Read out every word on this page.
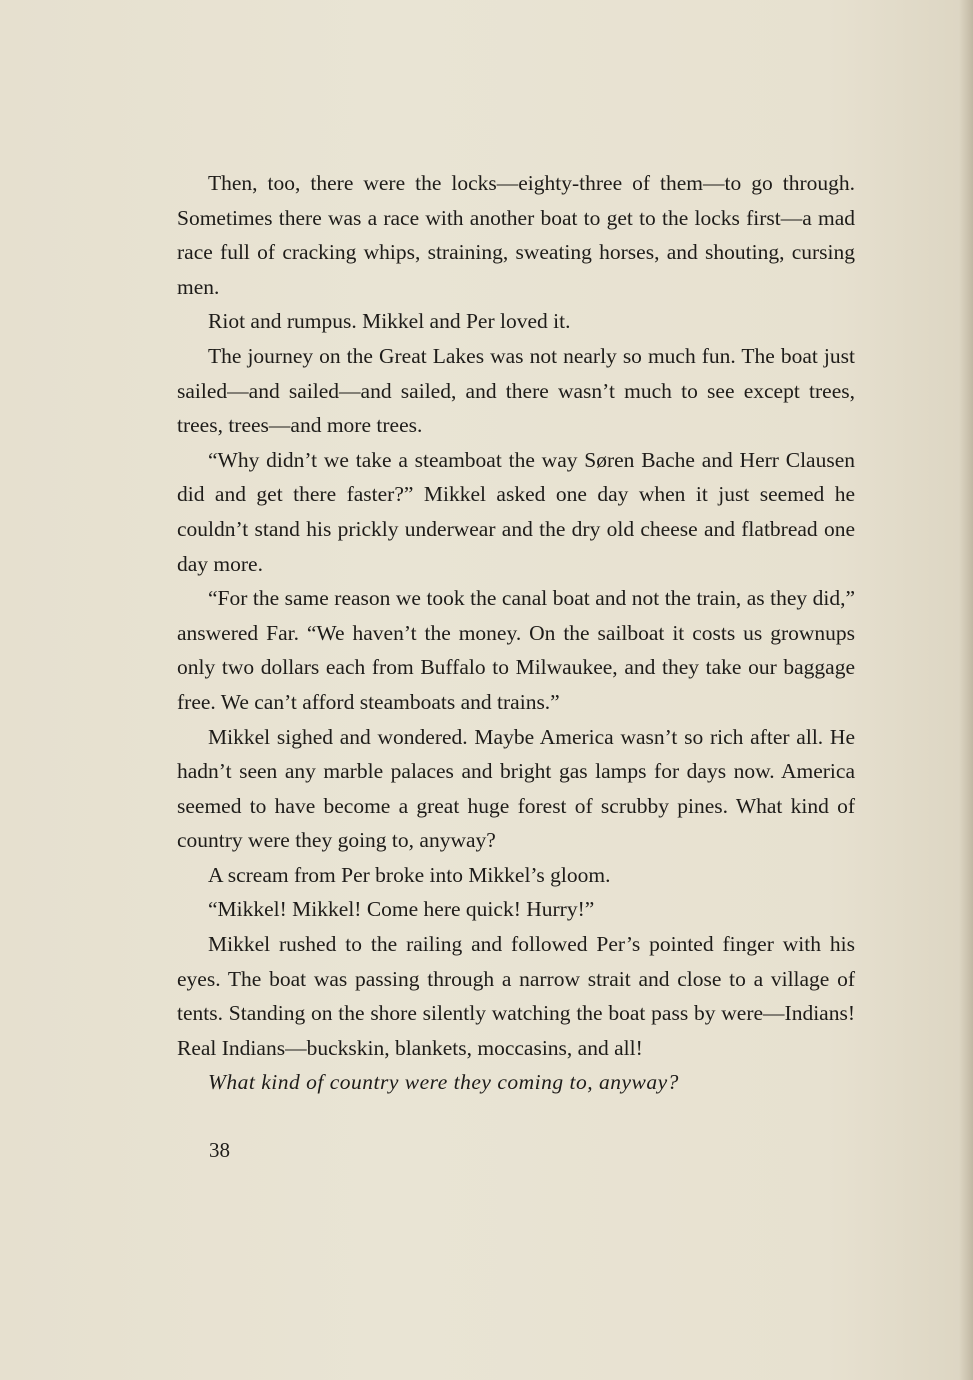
Then, too, there were the locks—eighty-three of them—to go through. Sometimes there was a race with another boat to get to the locks first—a mad race full of cracking whips, straining, sweating horses, and shouting, cursing men.

Riot and rumpus. Mikkel and Per loved it.

The journey on the Great Lakes was not nearly so much fun. The boat just sailed—and sailed—and sailed, and there wasn’t much to see except trees, trees, trees—and more trees.

“Why didn’t we take a steamboat the way Søren Bache and Herr Clausen did and get there faster?” Mikkel asked one day when it just seemed he couldn’t stand his prickly underwear and the dry old cheese and flatbread one day more.

“For the same reason we took the canal boat and not the train, as they did,” answered Far. “We haven’t the money. On the sailboat it costs us grownups only two dollars each from Buffalo to Milwaukee, and they take our baggage free. We can’t afford steamboats and trains.”

Mikkel sighed and wondered. Maybe America wasn’t so rich after all. He hadn’t seen any marble palaces and bright gas lamps for days now. America seemed to have become a great huge forest of scrubby pines. What kind of country were they going to, anyway?

A scream from Per broke into Mikkel’s gloom.

“Mikkel! Mikkel! Come here quick! Hurry!”

Mikkel rushed to the railing and followed Per’s pointed finger with his eyes. The boat was passing through a narrow strait and close to a village of tents. Standing on the shore silently watching the boat pass by were—Indians! Real Indians—buckskin, blankets, moccasins, and all!

What kind of country were they coming to, anyway?

38
